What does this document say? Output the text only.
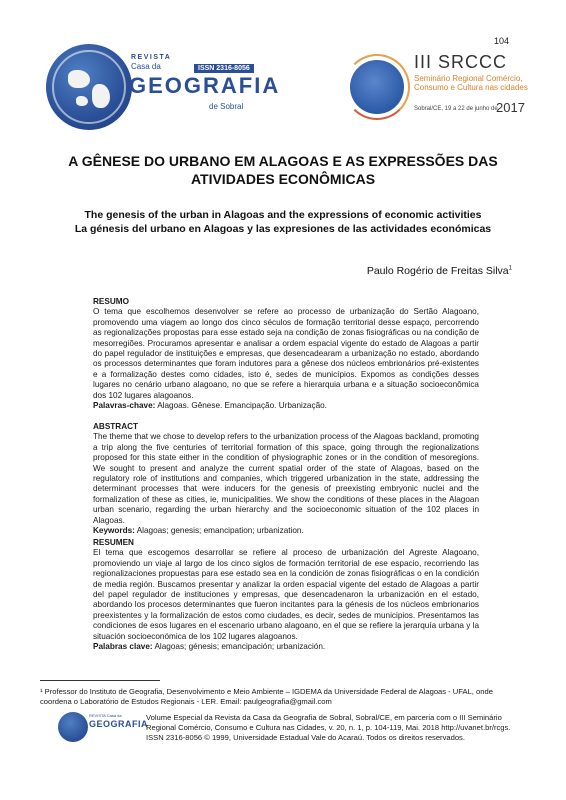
104
REVISTA
Casa da	ISSN 2316-8056
GEOGRAFIA
de Sobral
III SRCCC
Seminário Regional Comércio, Consumo e Cultura nas cidades
Sobral/CE, 19 a 22 de junho de
2017
A GÊNESE DO URBANO EM ALAGOAS E AS EXPRESSÕES DAS ATIVIDADES ECONÔMICAS
The genesis of the urban in Alagoas and the expressions of economic activities
La génesis del urbano en Alagoas y las expresiones de las actividades económicas
Paulo Rogério de Freitas Silva$^1$
RESUMO
O tema que escolhemos desenvolver se refere ao processo de urbanização do Sertão Alagoano, promovendo uma viagem ao longo dos cinco séculos de formação territorial desse espaço, percorrendo as regionalizações propostas para esse estado seja na condição de zonas fisiográficas ou na condição de mesorregiões. Procuramos apresentar e analisar a ordem espacial vigente do estado de Alagoas a partir do papel regulador de instituições e empresas, que desencadearam a urbanização no estado, abordando os processos determinantes que foram indutores para a gênese dos núcleos embrionários pré-existentes e a formalização destes como cidades, isto é, sedes de municípios. Expomos as condições desses lugares no cenário urbano alagoano, no que se refere a hierarquia urbana e a situação socioeconômica dos 102 lugares alagoanos.
Palavras-chave: Alagoas. Gênese. Emancipação. Urbanização.
ABSTRACT
The theme that we chose to develop refers to the urbanization process of the Alagoas backland, promoting a trip along the five centuries of territorial formation of this space, going through the regionalizations proposed for this state either in the condition of physiographic zones or in the condition of mesoregions. We sought to present and analyze the current spatial order of the state of Alagoas, based on the regulatory role of institutions and companies, which triggered urbanization in the state, addressing the determinant processes that were inducers for the genesis of preexisting embryonic nuclei and the formalization of these as cities, ie, municipalities. We show the conditions of these places in the Alagoan urban scenario, regarding the urban hierarchy and the socioeconomic situation of the 102 places in Alagoas.
Keywords: Alagoas; genesis; emancipation; urbanization.
RESUMEN
El tema que escogemos desarrollar se refiere al proceso de urbanización del Agreste Alagoano, promoviendo un viaje al largo de los cinco siglos de formación territorial de ese espacio, recorriendo las regionalizaciones propuestas para ese estado sea en la condición de zonas fisiográficas o en la condición de media región. Buscamos presentar y analizar la orden espacial vigente del estado de Alagoas a partir del papel regulador de instituciones y empresas, que desencadenaron la urbanización en el estado, abordando los procesos determinantes que fueron incitantes para la génesis de los núcleos embrionarios preexistentes y la formalización de estos como ciudades, es decir, sedes de municipios. Presentamos las condiciones de esos lugares en el escenario urbano alagoano, en el que se refiere la jerarquía urbana y la situación socioeconómica de los 102 lugares alagoanos.
Palabras clave: Alagoas; génesis; emancipación; urbanización.
¹ Professor do Instituto de Geografia, Desenvolvimento e Meio Ambiente – IGDEMA da Universidade Federal de Alagoas - UFAL, onde coordena o Laboratório de Estudos Regionais - LER. Email: paulgeografia@gmail.com
REVISTA Casa da
GEOGRAFIA
Volume Especial da Revista da Casa da Geografia de Sobral, Sobral/CE, em parceria com o III Seminário Regional Comércio, Consumo e Cultura nas Cidades, v. 20, n. 1, p. 104-119, Mai. 2018 http://uvanet.br/rcgs. ISSN 2316-8056 © 1999, Universidade Estadual Vale do Acaraú. Todos os direitos reservados.
